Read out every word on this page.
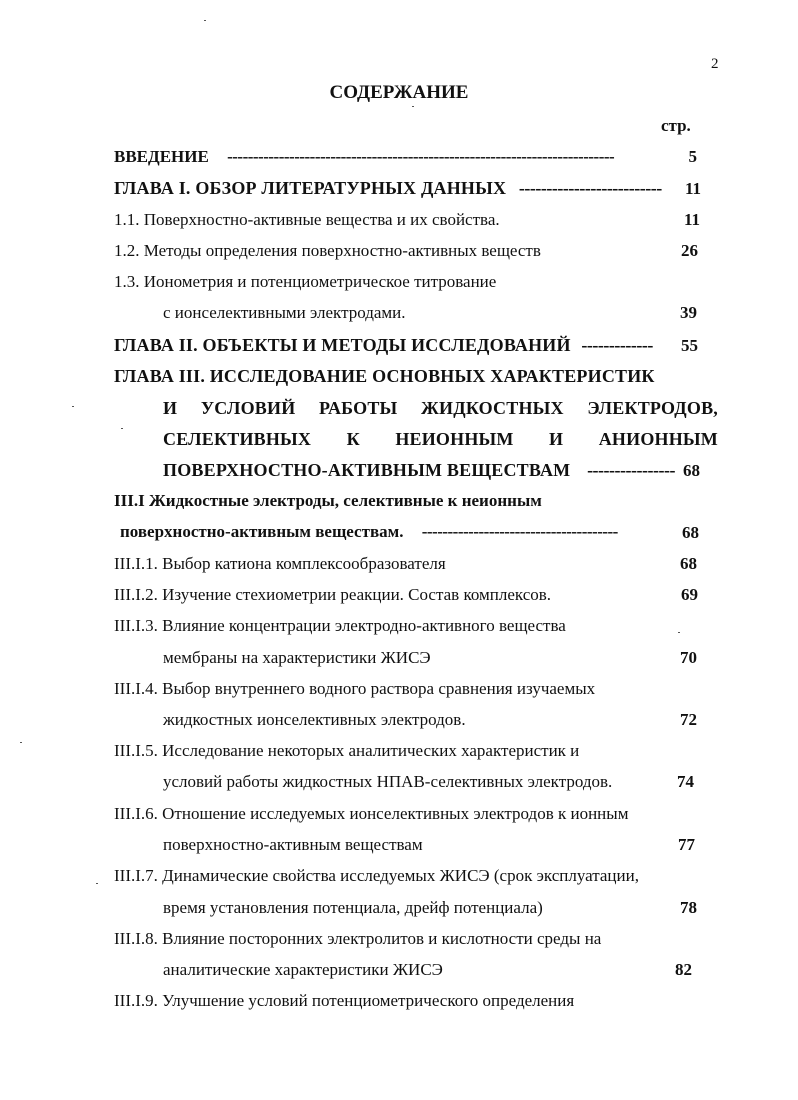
2
СОДЕРЖАНИЕ
стр.
ВВЕДЕНИЕ ---------------------------------------------------------------------------	5
ГЛАВА I. ОБЗОР ЛИТЕРАТУРНЫХ ДАННЫХ --------------------------	11
1.1. Поверхностно-активные вещества и их свойства.	11
1.2. Методы определения поверхностно-активных веществ	26
1.3. Ионометрия и потенциометрическое титрование
с ионселективными электродами.	39
ГЛАВА II. ОБЪЕКТЫ И МЕТОДЫ ИССЛЕДОВАНИЙ -------------	55
ГЛАВА III. ИССЛЕДОВАНИЕ ОСНОВНЫХ ХАРАКТЕРИСТИК
И УСЛОВИЙ РАБОТЫ ЖИДКОСТНЫХ ЭЛЕКТРОДОВ,
СЕЛЕКТИВНЫХ К НЕИОННЫМ И АНИОННЫМ
ПОВЕРХНОСТНО-АКТИВНЫМ ВЕЩЕСТВАМ ---------------- 68
III.I Жидкостные электроды, селективные к неионным
поверхностно-активным веществам. --------------------------------------	68
III.I.1. Выбор катиона комплексообразователя	68
III.I.2. Изучение стехиометрии реакции. Состав комплексов.	69
III.I.3. Влияние концентрации электродно-активного вещества
мембраны на характеристики ЖИСЭ	70
III.I.4. Выбор внутреннего водного раствора сравнения изучаемых
жидкостных ионселективных электродов.	72
III.I.5. Исследование некоторых аналитических характеристик и
условий работы жидкостных НПАВ-селективных электродов.	74
III.I.6. Отношение исследуемых ионселективных электродов к ионным
поверхностно-активным веществам	77
III.I.7. Динамические свойства исследуемых ЖИСЭ (срок эксплуатации,
время установления потенциала, дрейф потенциала)	78
III.I.8. Влияние посторонних электролитов и кислотности среды на
аналитические характеристики ЖИСЭ	82
III.I.9. Улучшение условий потенциометрического определения
